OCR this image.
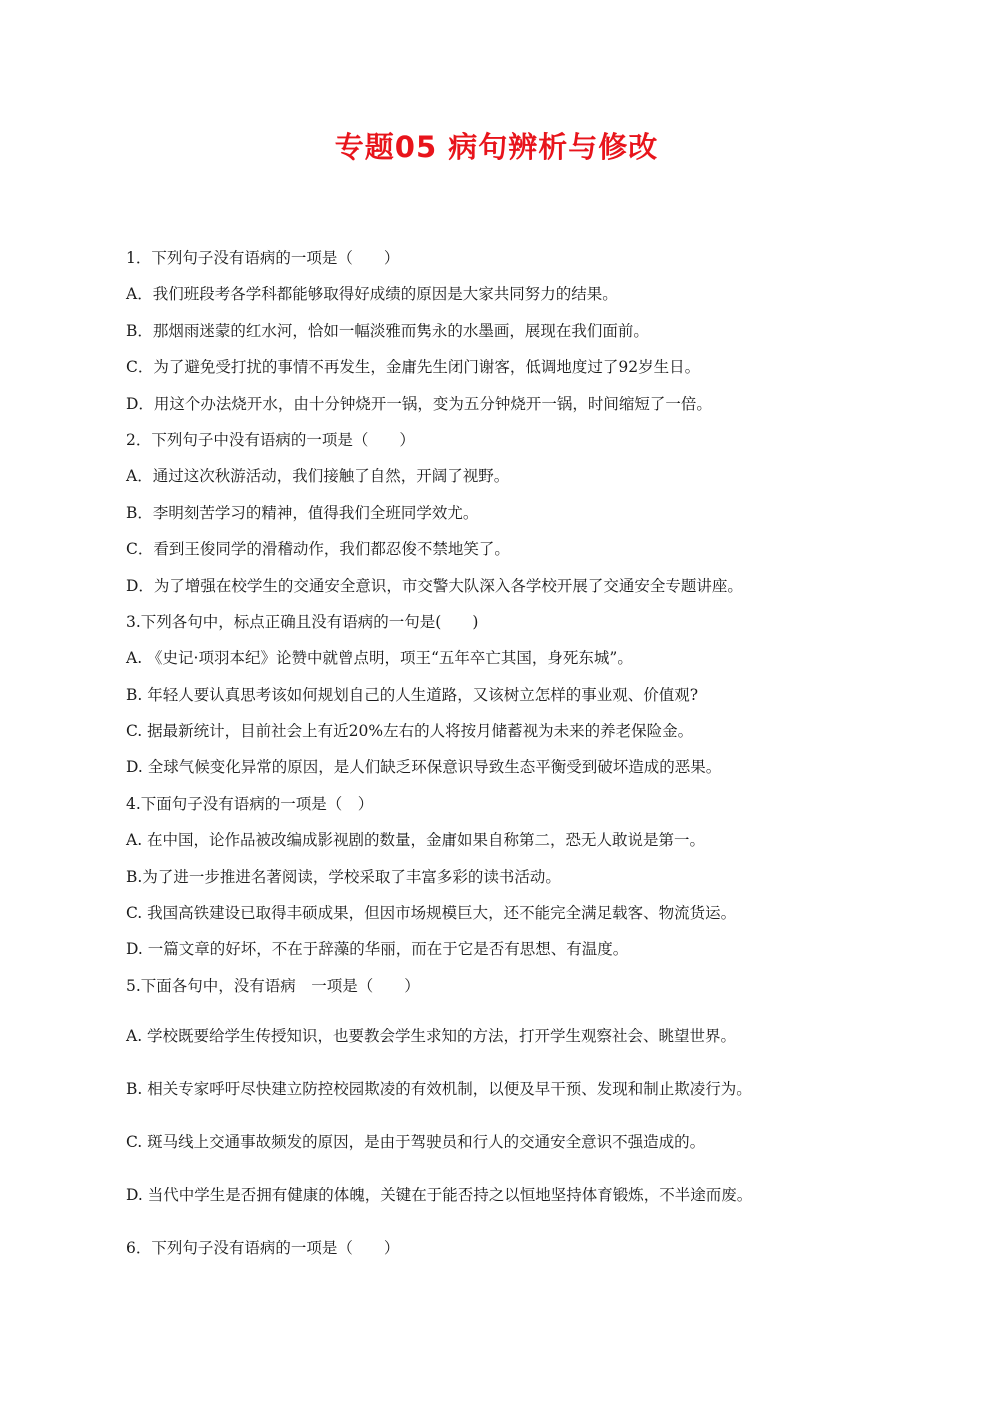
专题05 病句辨析与修改

1．下列句子没有语病的一项是（　　）

A．我们班段考各学科都能够取得好成绩的原因是大家共同努力的结果。

B．那烟雨迷蒙的红水河，恰如一幅淡雅而隽永的水墨画，展现在我们面前。

C．为了避免受打扰的事情不再发生，金庸先生闭门谢客，低调地度过了92岁生日。

D．用这个办法烧开水，由十分钟烧开一锅，变为五分钟烧开一锅，时间缩短了一倍。

2．下列句子中没有语病的一项是（　　）

A．通过这次秋游活动，我们接触了自然，开阔了视野。

B．李明刻苦学习的精神，值得我们全班同学效尤。

C．看到王俊同学的滑稽动作，我们都忍俊不禁地笑了。

D．为了增强在校学生的交通安全意识，市交警大队深入各学校开展了交通安全专题讲座。

3.下列各句中，标点正确且没有语病的一句是(　　)

A. 《史记·项羽本纪》论赞中就曾点明，项王“五年卒亡其国，身死东城”。

B. 年轻人要认真思考该如何规划自己的人生道路，又该树立怎样的事业观、价值观?

C. 据最新统计，目前社会上有近20%左右的人将按月储蓄视为未来的养老保险金。

D. 全球气候变化异常的原因，是人们缺乏环保意识导致生态平衡受到破坏造成的恶果。

4.下面句子没有语病的一项是（　）

A. 在中国，论作品被改编成影视剧的数量，金庸如果自称第二，恐无人敢说是第一。

B.为了进一步推进名著阅读，学校采取了丰富多彩的读书活动。

C. 我国高铁建设已取得丰硕成果，但因市场规模巨大，还不能完全满足载客、物流货运。

D. 一篇文章的好坏，不在于辞藻的华丽，而在于它是否有思想、有温度。

5.下面各句中，没有语病　一项是（　　）

A. 学校既要给学生传授知识，也要教会学生求知的方法，打开学生观察社会、眺望世界。

B. 相关专家呼吁尽快建立防控校园欺凌的有效机制，以便及早干预、发现和制止欺凌行为。

C. 斑马线上交通事故频发的原因，是由于驾驶员和行人的交通安全意识不强造成的。

D. 当代中学生是否拥有健康的体魄，关键在于能否持之以恒地坚持体育锻炼，不半途而废。

6．下列句子没有语病的一项是（　　）
